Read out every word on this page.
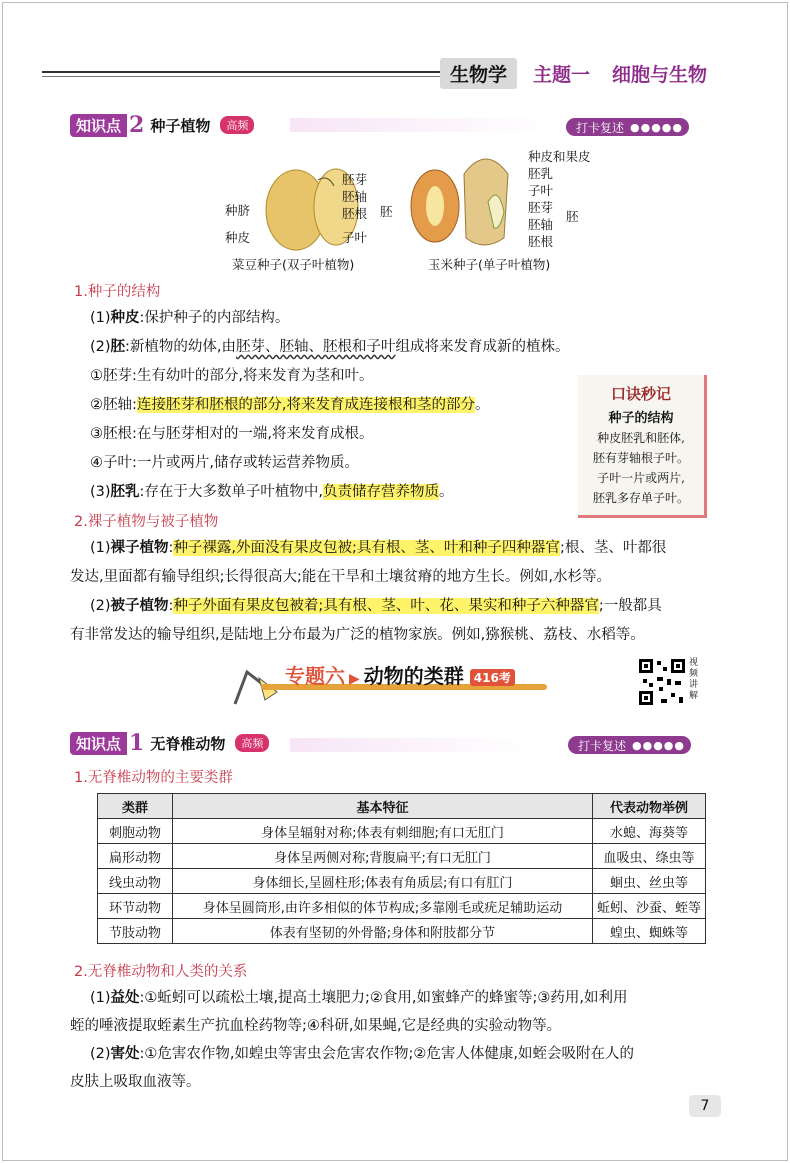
生物学	主题一 细胞与生物
知识点 2 种子植物	高频	打卡复述 ●●●●●
种脐
种皮
胚芽
胚轴
胚根
子叶
胚
种皮和果皮
胚乳
子叶
胚芽
胚轴
胚根
胚
菜豆种子(双子叶植物)	玉米种子(单子叶植物)
1.种子的结构
(1)种皮:保护种子的内部结构。
(2)胚:新植物的幼体,由胚芽、胚轴、胚根和子叶组成将来发育成新的植株。
①胚芽:生有幼叶的部分,将来发育为茎和叶。
②胚轴:连接胚芽和胚根的部分,将来发育成连接根和茎的部分。
③胚根:在与胚芽相对的一端,将来发育成根。
④子叶:一片或两片,储存或转运营养物质。
(3)胚乳:存在于大多数单子叶植物中,负责储存营养物质。
口诀秒记
种子的结构
种皮胚乳和胚体,
胚有芽轴根子叶。
子叶一片或两片,
胚乳多存单子叶。
2.裸子植物与被子植物
(1)裸子植物:种子裸露,外面没有果皮包被;具有根、茎、叶和种子四种器官;根、茎、叶都很
发达,里面都有输导组织;长得很高大;能在干旱和土壤贫瘠的地方生长。例如,水杉等。
(2)被子植物:种子外面有果皮包被着;具有根、茎、叶、花、果实和种子六种器官;一般都具
有非常发达的输导组织,是陆地上分布最为广泛的植物家族。例如,猕猴桃、荔枝、水稻等。
专题六 ▶ 动物的类群 416考
视频讲解
知识点 1 无脊椎动物	高频	打卡复述 ●●●●●
1.无脊椎动物的主要类群
类群	基本特征	代表动物举例
刺胞动物	身体呈辐射对称;体表有刺细胞;有口无肛门	水螅、海葵等
扁形动物	身体呈两侧对称;背腹扁平;有口无肛门	血吸虫、绦虫等
线虫动物	身体细长,呈圆柱形;体表有角质层;有口有肛门	蛔虫、丝虫等
环节动物	身体呈圆筒形,由许多相似的体节构成;多靠刚毛或疣足辅助运动	蚯蚓、沙蚕、蛭等
节肢动物	体表有坚韧的外骨骼;身体和附肢都分节	蝗虫、蜘蛛等
2.无脊椎动物和人类的关系
(1)益处:①蚯蚓可以疏松土壤,提高土壤肥力;②食用,如蜜蜂产的蜂蜜等;③药用,如利用
蛭的唾液提取蛭素生产抗血栓药物等;④科研,如果蝇,它是经典的实验动物等。
(2)害处:①危害农作物,如蝗虫等害虫会危害农作物;②危害人体健康,如蛭会吸附在人的
皮肤上吸取血液等。
7
